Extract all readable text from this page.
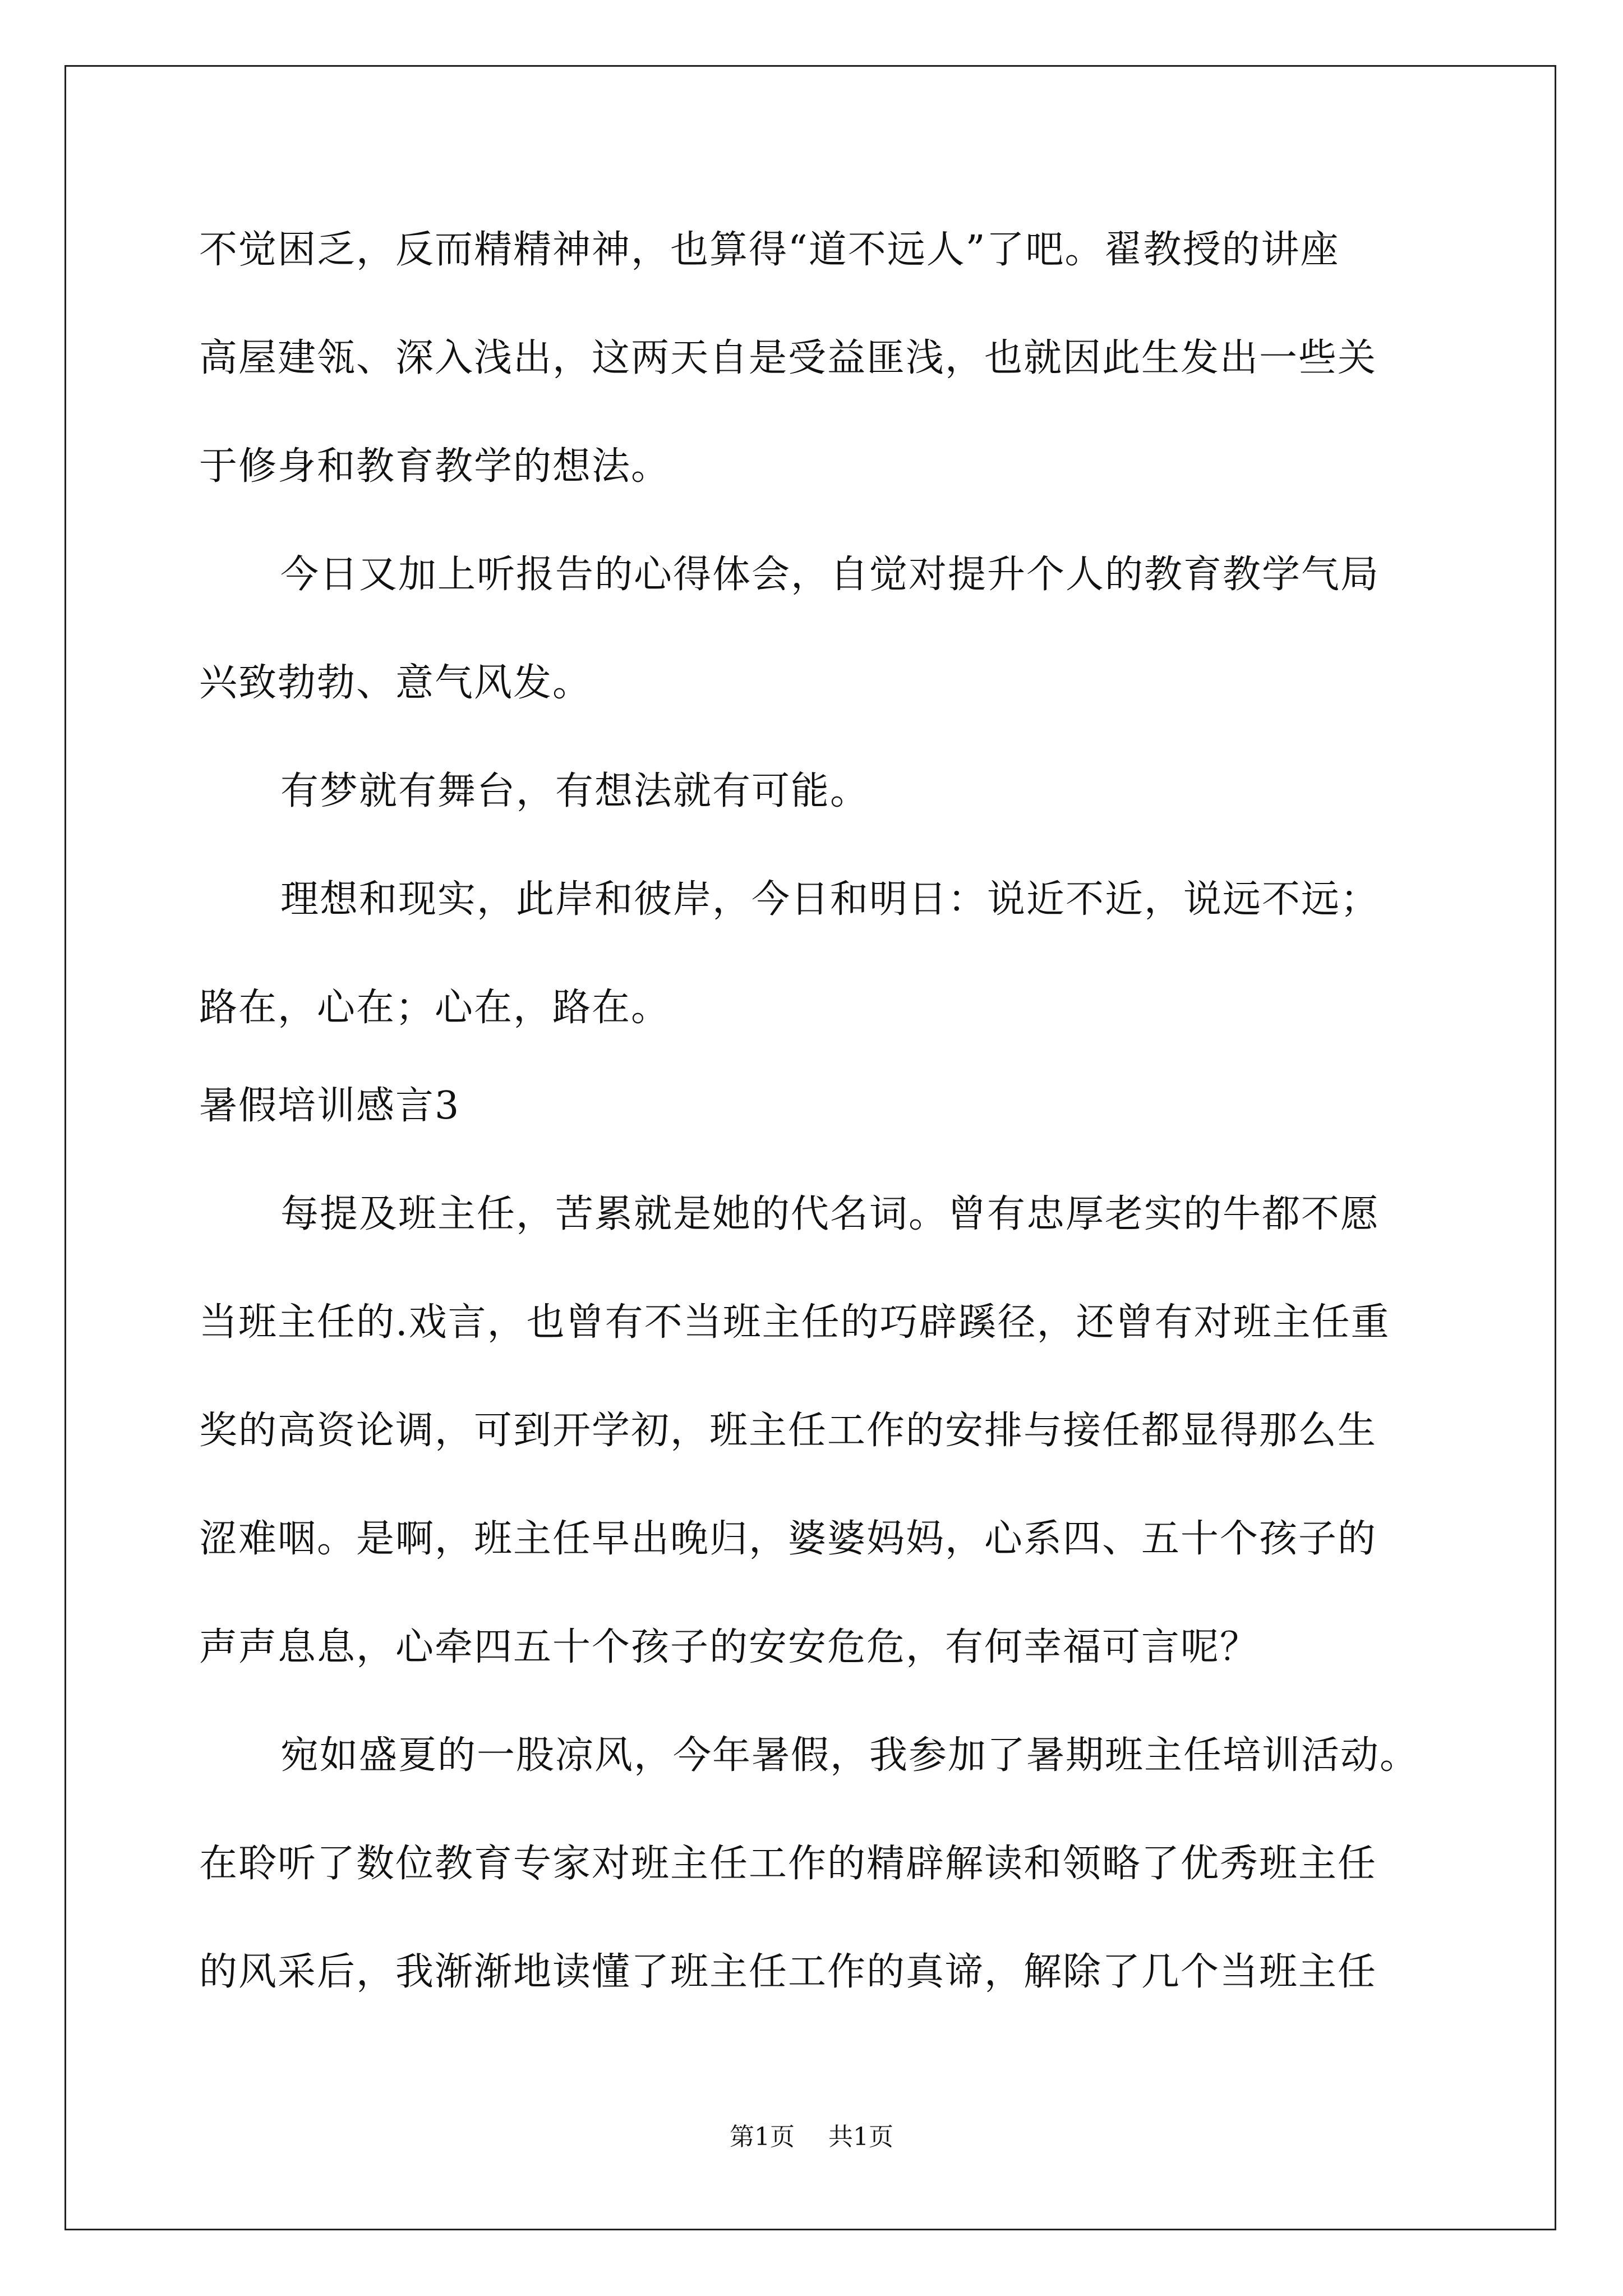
不觉困乏，反而精精神神，也算得“道不远人”了吧。翟教授的讲座
高屋建瓴、深入浅出，这两天自是受益匪浅，也就因此生发出一些关
于修身和教育教学的想法。
今日又加上听报告的心得体会，自觉对提升个人的教育教学气局
兴致勃勃、意气风发。
有梦就有舞台，有想法就有可能。
理想和现实，此岸和彼岸，今日和明日：说近不近，说远不远；
路在，心在；心在，路在。
暑假培训感言3
每提及班主任，苦累就是她的代名词。曾有忠厚老实的牛都不愿
当班主任的.戏言，也曾有不当班主任的巧辟蹊径，还曾有对班主任重
奖的高资论调，可到开学初，班主任工作的安排与接任都显得那么生
涩难咽。是啊，班主任早出晚归，婆婆妈妈，心系四、五十个孩子的
声声息息，心牵四五十个孩子的安安危危，有何幸福可言呢？
宛如盛夏的一股凉风，今年暑假，我参加了暑期班主任培训活动。
在聆听了数位教育专家对班主任工作的精辟解读和领略了优秀班主任
的风采后，我渐渐地读懂了班主任工作的真谛，解除了几个当班主任
第1页 共1页
